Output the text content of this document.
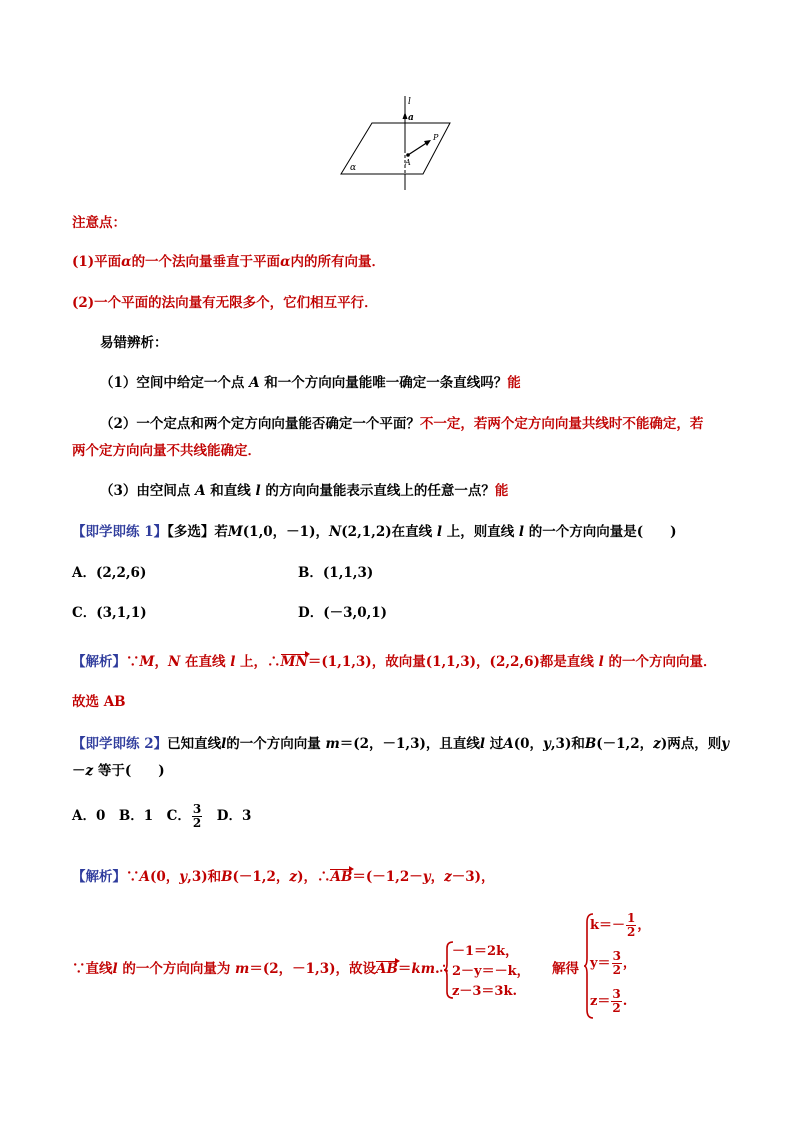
l
a
P
A
α
注意点：
(1)平面α的一个法向量垂直于平面α内的所有向量．
(2)一个平面的法向量有无限多个，它们相互平行．
易错辨析：
（1）空间中给定一个点 A 和一个方向向量能唯一确定一条直线吗？能
（2）一个定点和两个定方向向量能否确定一个平面？不一定，若两个定方向向量共线时不能确定，若
两个定方向向量不共线能确定．
（3）由空间点 A 和直线 l 的方向向量能表示直线上的任意一点？能
【即学即练 1】【多选】若M(1,0，－1)，N(2,1,2)在直线 l 上，则直线 l 的一个方向向量是(　　)
A．(2,2,6)	B．(1,1,3)
C．(3,1,1)	D．(－3,0,1)
【解析】∵M，N 在直线 l 上，∴MN＝(1,1,3)，故向量(1,1,3)，(2,2,6)都是直线 l 的一个方向向量．
故选 AB
【即学即练 2】已知直线l的一个方向向量 m＝(2，－1,3)，且直线l 过A(0，y,3)和B(－1,2，z)两点，则y
－z 等于(　　)
A．0　B．1　C． $\frac{3}{2}$ 　D．3
【解析】∵A(0，y,3)和B(－1,2，z)，∴AB＝(－1,2－y，z－3)，
∵直线l 的一个方向向量为 m＝(2，－1,3)，故设AB＝km.∴
－1＝2k，
2－y＝－k，
z－3＝3k.
解得
$k=- \frac{1}{2}$ ，
$y= \frac{3}{2}$ ，
$z= \frac{3}{2}$ .
